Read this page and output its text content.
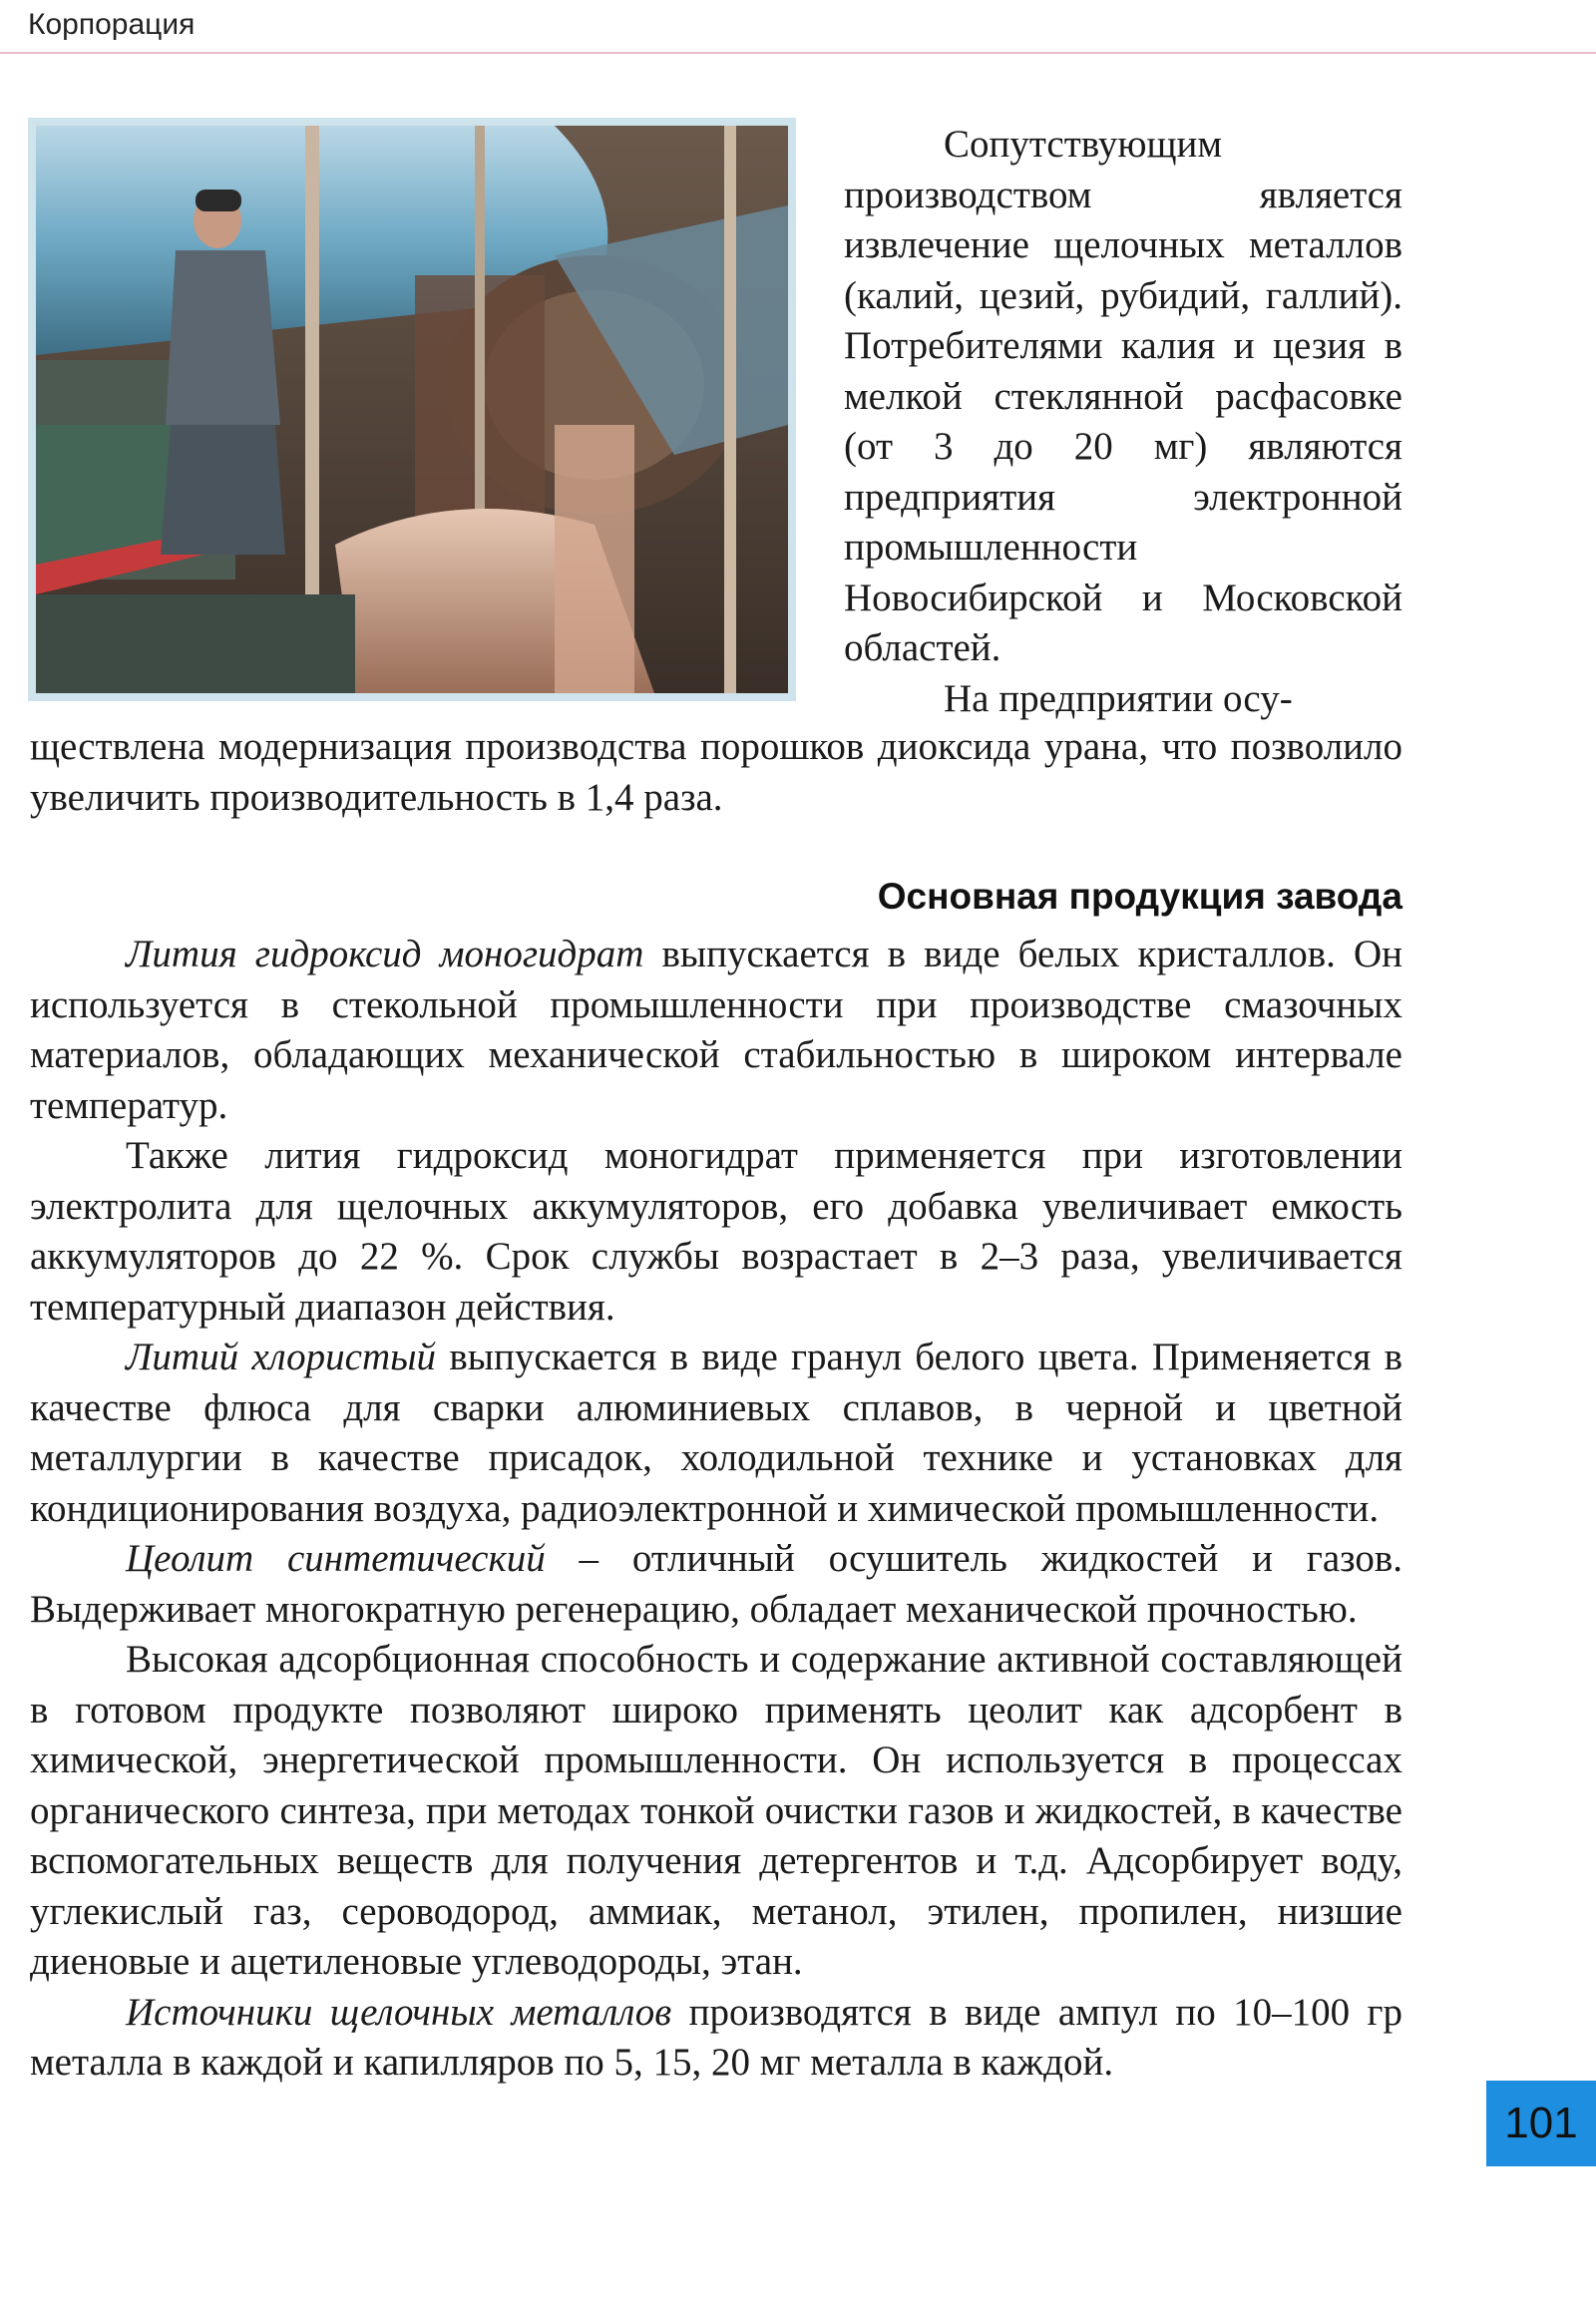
Корпорация

Сопутствующим производством является извлечение щелочных металлов (калий, цезий, рубидий, галлий). Потребителями калия и цезия в мелкой стеклянной расфасовке (от 3 до 20 мг) являются предприятия электронной промышленности Новосибирской и Московской областей.

На предприятии осу-

ществлена модернизация производства порошков диоксида урана, что позволило увеличить производительность в 1,4 раза.

Основная продукция завода

Лития гидроксид моногидрат выпускается в виде белых кристаллов. Он используется в стекольной промышленности при производстве смазочных материалов, обладающих механической стабильностью в широком интервале температур.

Также лития гидроксид моногидрат применяется при изготовлении электролита для щелочных аккумуляторов, его добавка увеличивает емкость аккумуляторов до 22 %. Срок службы возрастает в 2–3 раза, увеличивается температурный диапазон действия.

Литий хлористый выпускается в виде гранул белого цвета. Применяется в качестве флюса для сварки алюминиевых сплавов, в черной и цветной металлургии в качестве присадок, холодильной технике и установках для кондиционирования воздуха, радиоэлектронной и химической промышленности.

Цеолит синтетический – отличный осушитель жидкостей и газов. Выдерживает многократную регенерацию, обладает механической прочностью.

Высокая адсорбционная способность и содержание активной составляющей в готовом продукте позволяют широко применять цеолит как адсорбент в химической, энергетической промышленности. Он используется в процессах органического синтеза, при методах тонкой очистки газов и жидкостей, в качестве вспомогательных веществ для получения детергентов и т.д. Адсорбирует воду, углекислый газ, сероводород, аммиак, метанол, этилен, пропилен, низшие диеновые и ацетиленовые углеводороды, этан.

Источники щелочных металлов производятся в виде ампул по 10–100 гр металла в каждой и капилляров по 5, 15, 20 мг металла в каждой.

101
